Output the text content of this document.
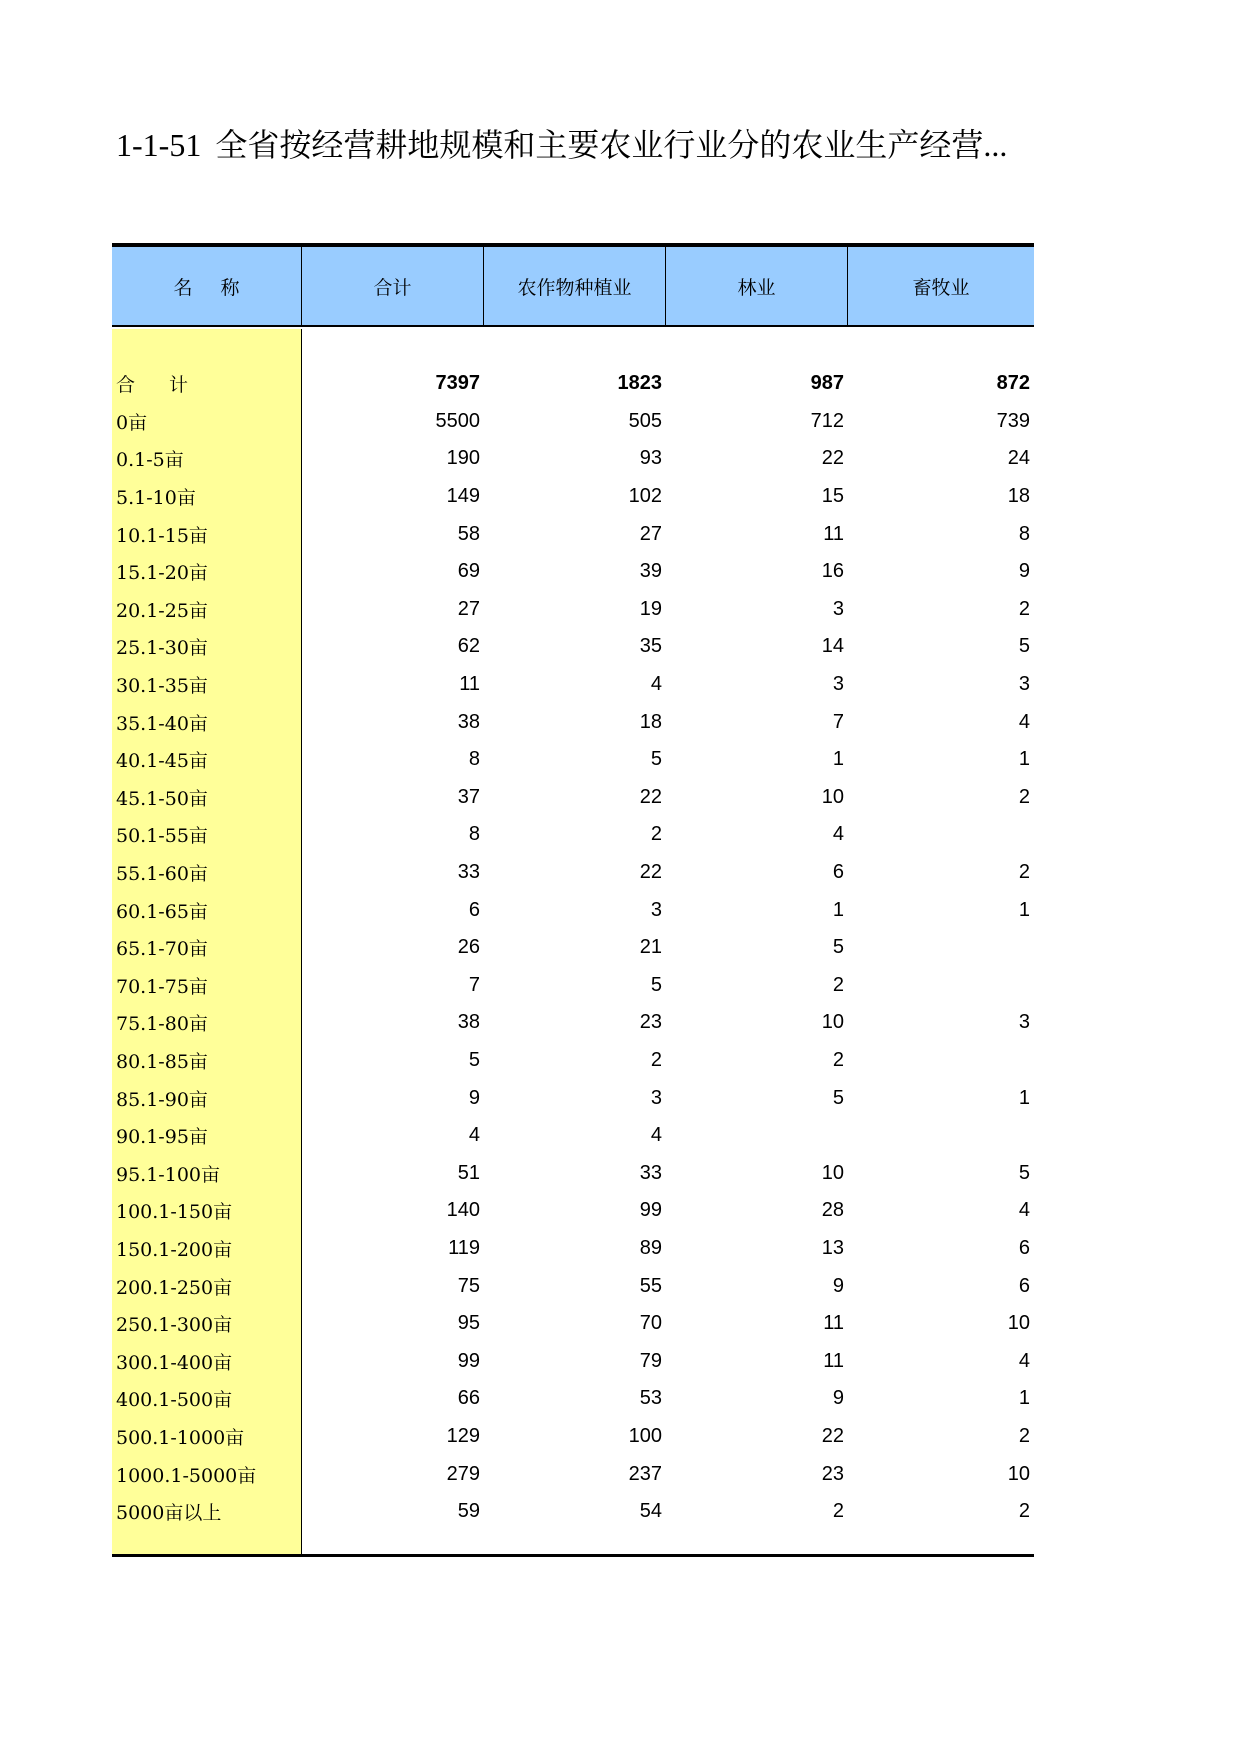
1-1-51 全省按经营耕地规模和主要农业行业分的农业生产经营...
名称	合计	农作物种植业	林业	畜牧业
合计	7397	1823	987	872
0亩	5500	505	712	739
0.1-5亩	190	93	22	24
5.1-10亩	149	102	15	18
10.1-15亩	58	27	11	8
15.1-20亩	69	39	16	9
20.1-25亩	27	19	3	2
25.1-30亩	62	35	14	5
30.1-35亩	11	4	3	3
35.1-40亩	38	18	7	4
40.1-45亩	8	5	1	1
45.1-50亩	37	22	10	2
50.1-55亩	8	2	4
55.1-60亩	33	22	6	2
60.1-65亩	6	3	1	1
65.1-70亩	26	21	5
70.1-75亩	7	5	2
75.1-80亩	38	23	10	3
80.1-85亩	5	2	2
85.1-90亩	9	3	5	1
90.1-95亩	4	4
95.1-100亩	51	33	10	5
100.1-150亩	140	99	28	4
150.1-200亩	119	89	13	6
200.1-250亩	75	55	9	6
250.1-300亩	95	70	11	10
300.1-400亩	99	79	11	4
400.1-500亩	66	53	9	1
500.1-1000亩	129	100	22	2
1000.1-5000亩	279	237	23	10
5000亩以上	59	54	2	2
